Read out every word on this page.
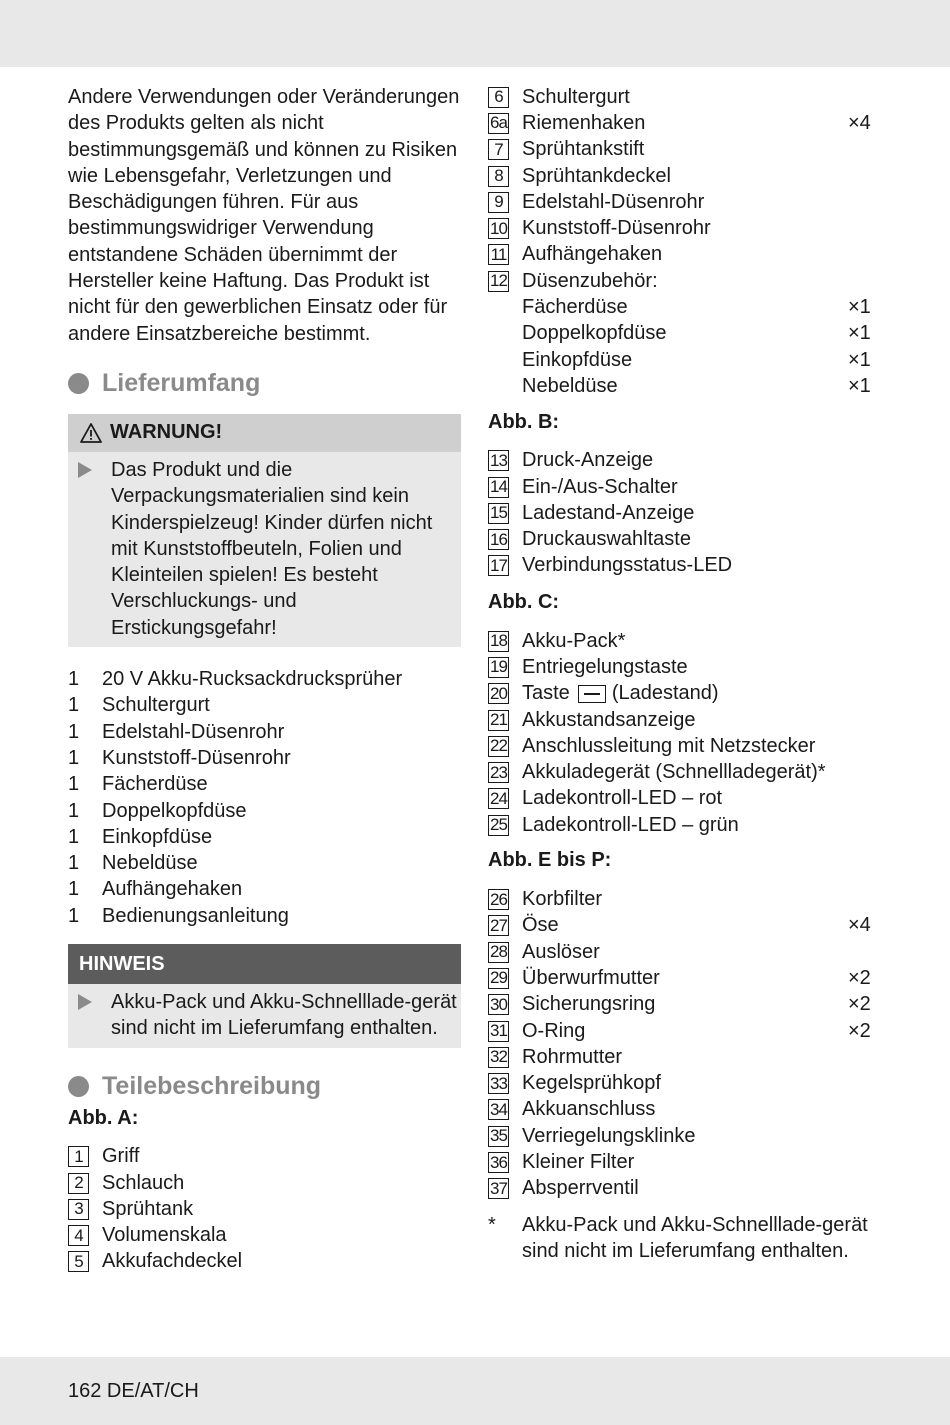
Andere Verwendungen oder Veränderungen des Produkts gelten als nicht bestimmungsgemäß und können zu Risiken wie Lebensgefahr, Verletzungen und Beschädigungen führen. Für aus bestimmungswidriger Verwendung entstandene Schäden übernimmt der Hersteller keine Haftung. Das Produkt ist nicht für den gewerblichen Einsatz oder für andere Einsatzbereiche bestimmt.

Lieferumfang
WARNUNG!
Das Produkt und die Verpackungsmaterialien sind kein Kinderspielzeug! Kinder dürfen nicht mit Kunststoffbeuteln, Folien und Kleinteilen spielen! Es besteht Verschluckungs- und Erstickungsgefahr!
1	20 V Akku-Rucksackdrucksprüher
1	Schultergurt
1	Edelstahl-Düsenrohr
1	Kunststoff-Düsenrohr
1	Fächerdüse
1	Doppelkopfdüse
1	Einkopfdüse
1	Nebeldüse
1	Aufhängehaken
1	Bedienungsanleitung
HINWEIS
Akku-Pack und Akku-Schnelllade-gerät sind nicht im Lieferumfang enthalten.
Teilebeschreibung
Abb. A:
1 Griff
2 Schlauch
3 Sprühtank
4 Volumenskala
5 Akkufachdeckel
6 Schultergurt
6a Riemenhaken	×4
7 Sprühtankstift
8 Sprühtankdeckel
9 Edelstahl-Düsenrohr
10 Kunststoff-Düsenrohr
11 Aufhängehaken
12 Düsenzubehör:
Fächerdüse	×1
Doppelkopfdüse	×1
Einkopfdüse	×1
Nebeldüse	×1
Abb. B:
13 Druck-Anzeige
14 Ein-/Aus-Schalter
15 Ladestand-Anzeige
16 Druckauswahltaste
17 Verbindungsstatus-LED
Abb. C:
18 Akku-Pack*
19 Entriegelungstaste
20 Taste (Ladestand)
21 Akkustandsanzeige
22 Anschlussleitung mit Netzstecker
23 Akkuladegerät (Schnellladegerät)*
24 Ladekontroll-LED – rot
25 Ladekontroll-LED – grün
Abb. E bis P:
26 Korbfilter
27 Öse	×4
28 Auslöser
29 Überwurfmutter	×2
30 Sicherungsring	×2
31 O-Ring	×2
32 Rohrmutter
33 Kegelsprühkopf
34 Akkuanschluss
35 Verriegelungsklinke
36 Kleiner Filter
37 Absperrventil
*	Akku-Pack und Akku-Schnelllade-gerät sind nicht im Lieferumfang enthalten.
162 DE/AT/CH
